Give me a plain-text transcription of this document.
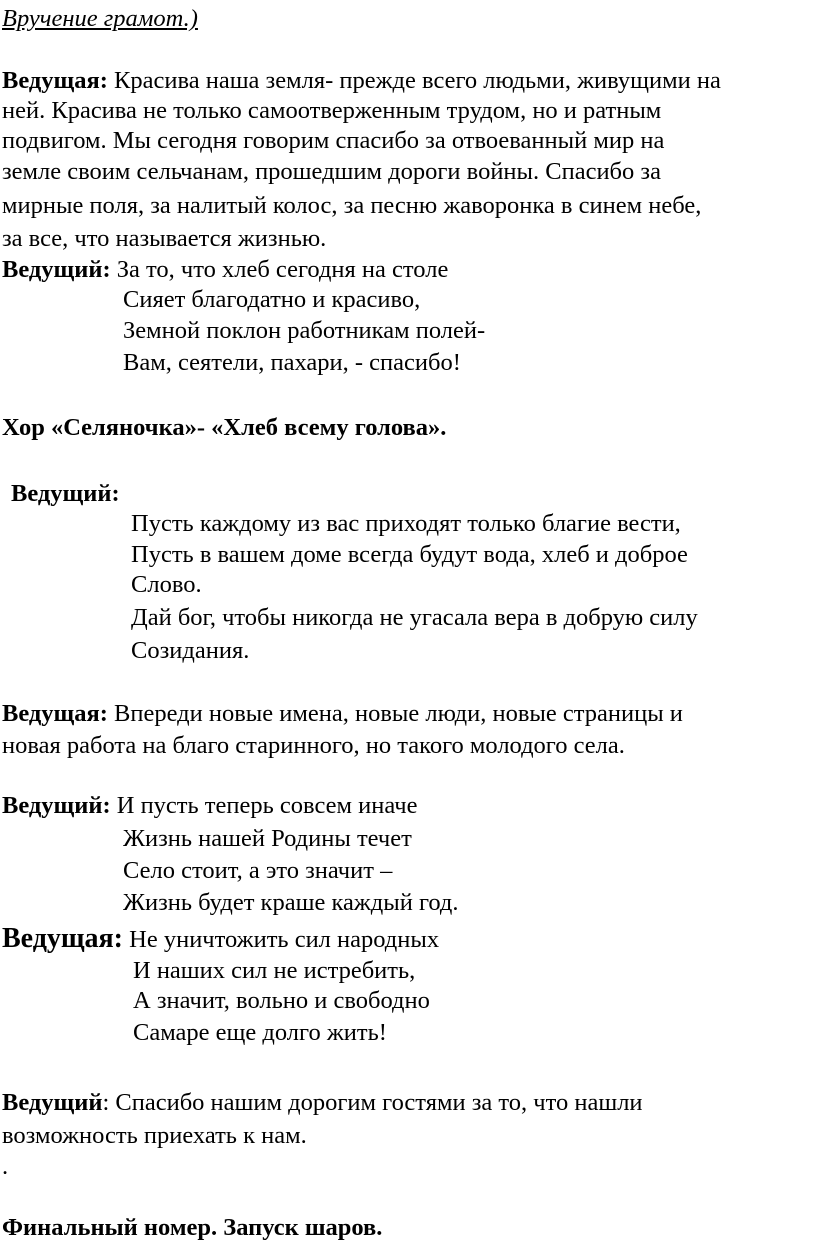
Вручение грамот.)
Ведущая: Красива наша земля- прежде всего людьми, живущими на
ней. Красива не только самоотверженным трудом, но и ратным
подвигом. Мы сегодня говорим спасибо за отвоеванный мир на
земле своим сельчанам, прошедшим дороги войны. Спасибо за
мирные поля, за налитый колос, за песню жаворонка в синем небе,
за все, что называется жизнью.
Ведущий: За то, что хлеб сегодня на столе
Сияет благодатно и красиво,
Земной поклон работникам полей-
Вам, сеятели, пахари, - спасибо!
Хор «Селяночка»- «Хлеб всему голова».
Ведущий:
Пусть каждому из вас приходят только благие вести,
Пусть в вашем доме всегда будут вода, хлеб и доброе
Слово.
Дай бог, чтобы никогда не угасала вера в добрую силу
Созидания.
Ведущая: Впереди новые имена, новые люди, новые страницы и
новая работа на благо старинного, но такого молодого села.
Ведущий: И пусть теперь совсем иначе
Жизнь нашей Родины течет
Село стоит, а это значит –
Жизнь будет краше каждый год.
Ведущая: Не уничтожить сил народных
И наших сил не истребить,
А значит, вольно и свободно
Самаре еще долго жить!
Ведущий: Спасибо нашим дорогим гостями за то, что нашли
возможность приехать к нам.
.
Финальный номер. Запуск шаров.
